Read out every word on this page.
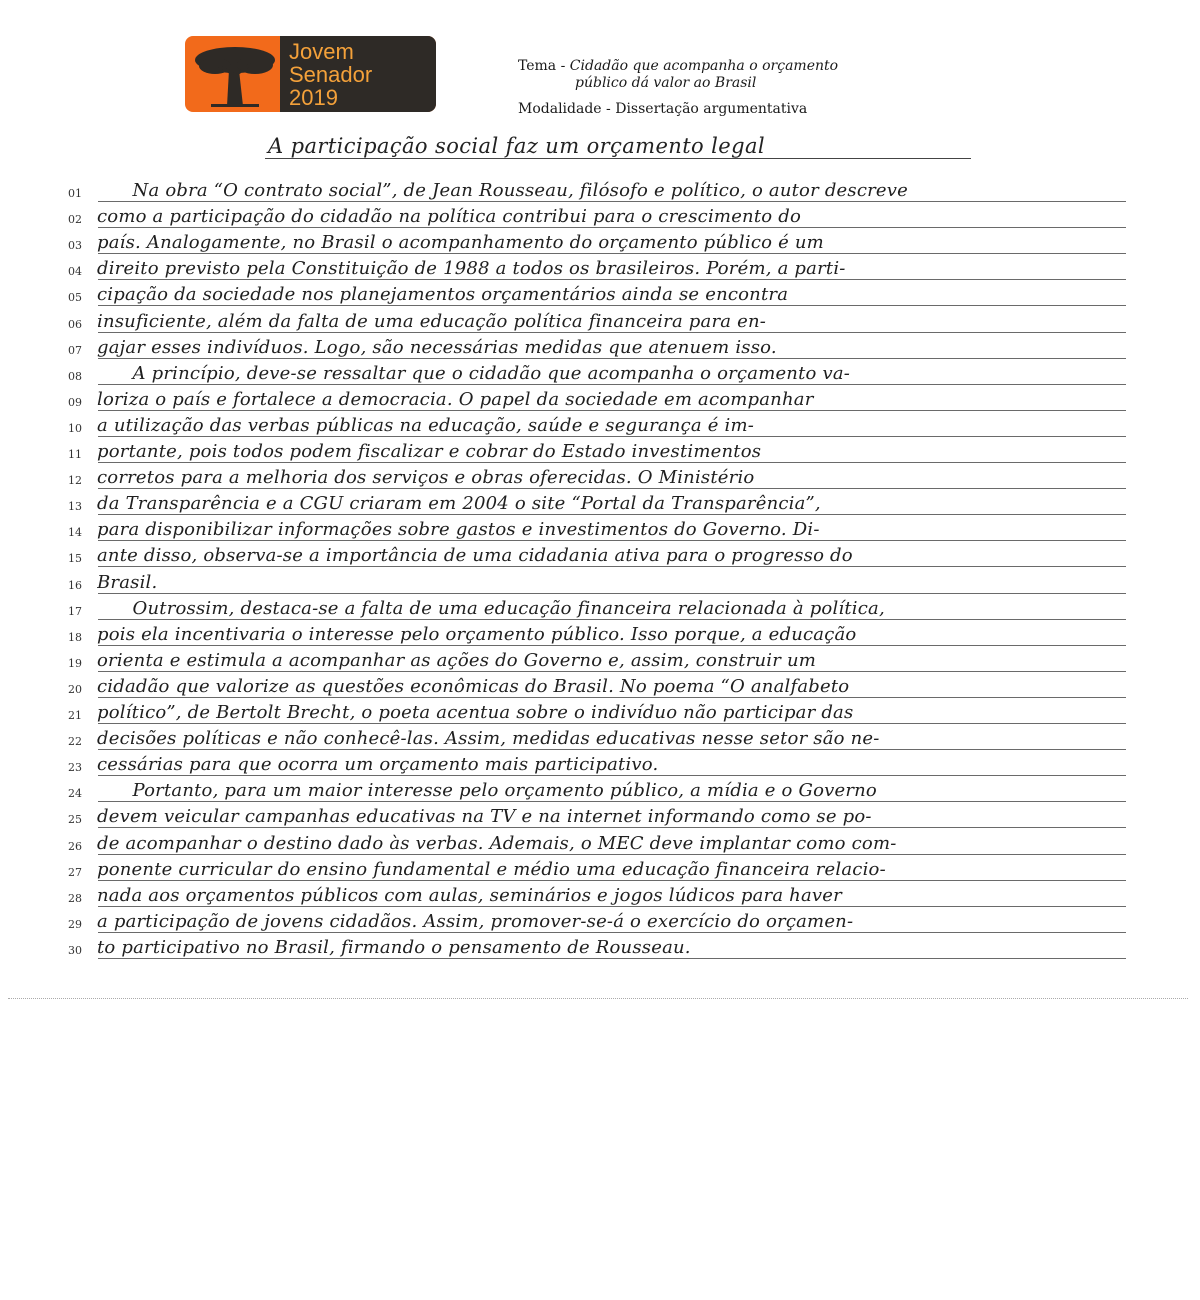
Jovem
Senador
2019
Tema - Cidadão que acompanha o orçamento
público dá valor ao Brasil
Modalidade - Dissertação argumentativa
A participação social faz um orçamento legal
01 Na obra “O contrato social”, de Jean Rousseau, filósofo e político, o autor descreve
02 como a participação do cidadão na política contribui para o crescimento do
03 país. Analogamente, no Brasil o acompanhamento do orçamento público é um
04 direito previsto pela Constituição de 1988 a todos os brasileiros. Porém, a parti-
05 cipação da sociedade nos planejamentos orçamentários ainda se encontra
06 insuficiente, além da falta de uma educação política financeira para en-
07 gajar esses indivíduos. Logo, são necessárias medidas que atenuem isso.
08 A princípio, deve-se ressaltar que o cidadão que acompanha o orçamento va-
09 loriza o país e fortalece a democracia. O papel da sociedade em acompanhar
10 a utilização das verbas públicas na educação, saúde e segurança é im-
11 portante, pois todos podem fiscalizar e cobrar do Estado investimentos
12 corretos para a melhoria dos serviços e obras oferecidas. O Ministério
13 da Transparência e a CGU criaram em 2004 o site “Portal da Transparência”,
14 para disponibilizar informações sobre gastos e investimentos do Governo. Di-
15 ante disso, observa-se a importância de uma cidadania ativa para o progresso do
16 Brasil.
17 Outrossim, destaca-se a falta de uma educação financeira relacionada à política,
18 pois ela incentivaria o interesse pelo orçamento público. Isso porque, a educação
19 orienta e estimula a acompanhar as ações do Governo e, assim, construir um
20 cidadão que valorize as questões econômicas do Brasil. No poema “O analfabeto
21 político”, de Bertolt Brecht, o poeta acentua sobre o indivíduo não participar das
22 decisões políticas e não conhecê-las. Assim, medidas educativas nesse setor são ne-
23 cessárias para que ocorra um orçamento mais participativo.
24 Portanto, para um maior interesse pelo orçamento público, a mídia e o Governo
25 devem veicular campanhas educativas na TV e na internet informando como se po-
26 de acompanhar o destino dado às verbas. Ademais, o MEC deve implantar como com-
27 ponente curricular do ensino fundamental e médio uma educação financeira relacio-
28 nada aos orçamentos públicos com aulas, seminários e jogos lúdicos para haver
29 a participação de jovens cidadãos. Assim, promover-se-á o exercício do orçamen-
30 to participativo no Brasil, firmando o pensamento de Rousseau.
